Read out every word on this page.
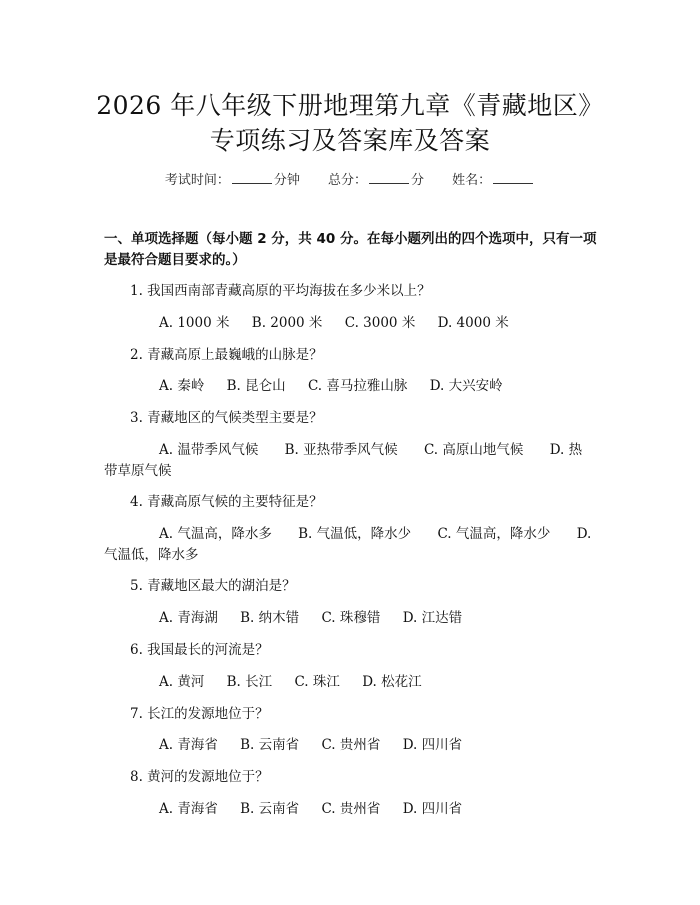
2026 年八年级下册地理第九章《青藏地区》
专项练习及答案库及答案
考试时间：	分钟 总分：	分 姓名：
一、单项选择题（每小题 2 分，共 40 分。在每小题列出的四个选项中，只有一项
是最符合题目要求的。）
1. 我国西南部青藏高原的平均海拔在多少米以上？
A. 1000 米 B. 2000 米 C. 3000 米 D. 4000 米
2. 青藏高原上最巍峨的山脉是？
A. 秦岭 B. 昆仑山 C. 喜马拉雅山脉 D. 大兴安岭
3. 青藏地区的气候类型主要是？
A. 温带季风气候 B. 亚热带季风气候 C. 高原山地气候 D. 热
带草原气候
4. 青藏高原气候的主要特征是？
A. 气温高，降水多 B. 气温低，降水少 C. 气温高，降水少 D.
气温低，降水多
5. 青藏地区最大的湖泊是？
A. 青海湖 B. 纳木错 C. 珠穆错 D. 江达错
6. 我国最长的河流是？
A. 黄河 B. 长江 C. 珠江 D. 松花江
7. 长江的发源地位于？
A. 青海省 B. 云南省 C. 贵州省 D. 四川省
8. 黄河的发源地位于？
A. 青海省 B. 云南省 C. 贵州省 D. 四川省
